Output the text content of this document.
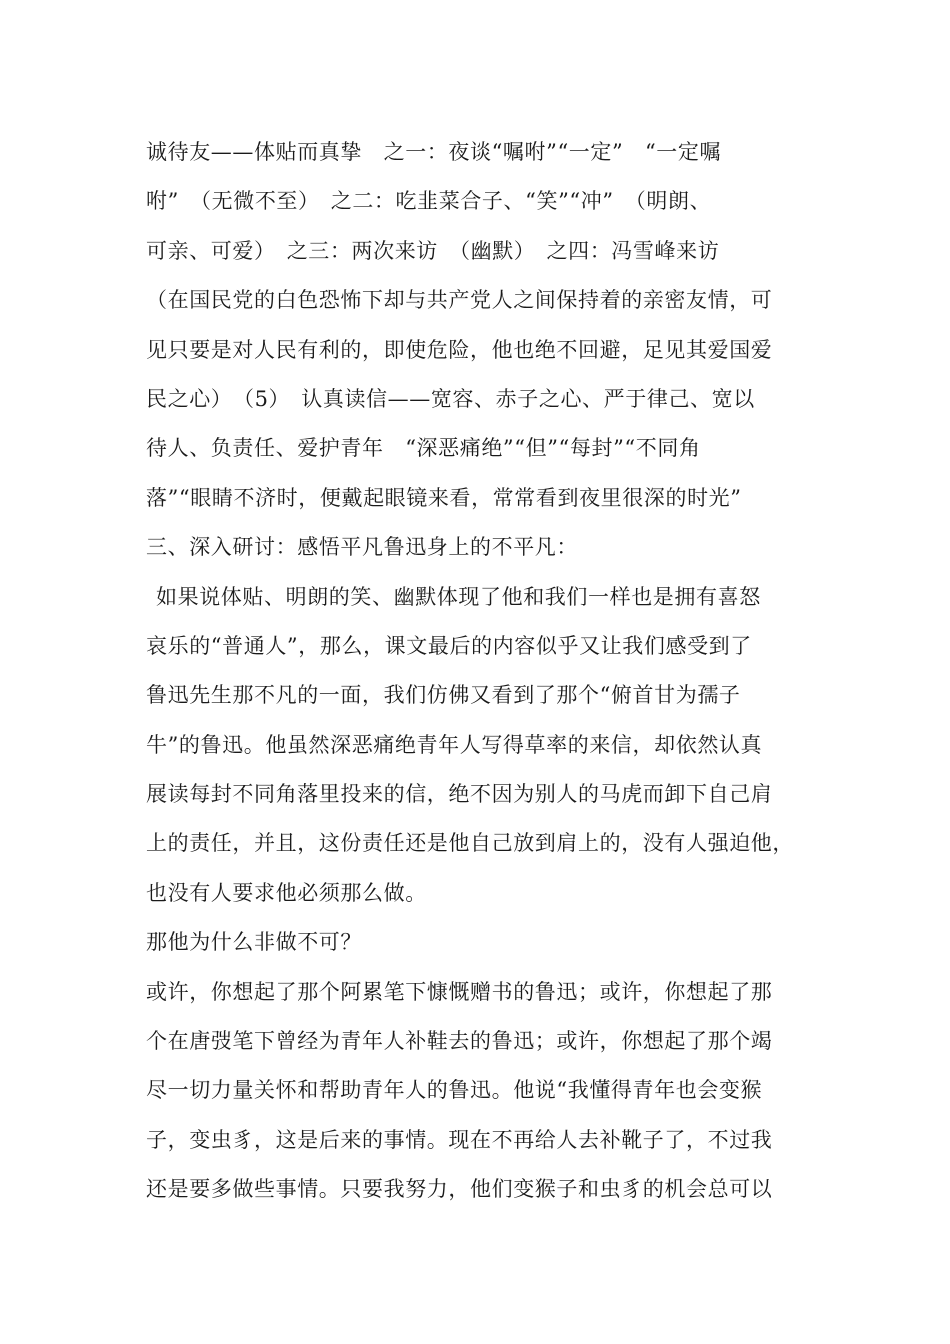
诚待友——体贴而真挚　之一：夜谈“嘱咐”“一定”　“一定嘱
咐”　（无微不至）　之二：吃韭菜合子、“笑”“冲”　（明朗、
可亲、可爱）　之三：两次来访　（幽默）　之四：冯雪峰来访
（在国民党的白色恐怖下却与共产党人之间保持着的亲密友情，可
见只要是对人民有利的，即使危险，他也绝不回避，足见其爱国爱
民之心）　（5）　认真读信——宽容、赤子之心、严于律己、宽以
待人、负责任、爱护青年　“深恶痛绝”“但”“每封”“不同角
落”“眼睛不济时，便戴起眼镜来看，常常看到夜里很深的时光”
三、深入研讨：感悟平凡鲁迅身上的不平凡：
如果说体贴、明朗的笑、幽默体现了他和我们一样也是拥有喜怒
哀乐的“普通人”，那么，课文最后的内容似乎又让我们感受到了
鲁迅先生那不凡的一面，我们仿佛又看到了那个“俯首甘为孺子
牛”的鲁迅。他虽然深恶痛绝青年人写得草率的来信，却依然认真
展读每封不同角落里投来的信，绝不因为别人的马虎而卸下自己肩
上的责任，并且，这份责任还是他自己放到肩上的，没有人强迫他，
也没有人要求他必须那么做。
那他为什么非做不可？
或许，你想起了那个阿累笔下慷慨赠书的鲁迅；或许，你想起了那
个在唐弢笔下曾经为青年人补鞋去的鲁迅；或许，你想起了那个竭
尽一切力量关怀和帮助青年人的鲁迅。他说“我懂得青年也会变猴
子，变虫豸，这是后来的事情。现在不再给人去补靴子了，不过我
还是要多做些事情。只要我努力，他们变猴子和虫豸的机会总可以
